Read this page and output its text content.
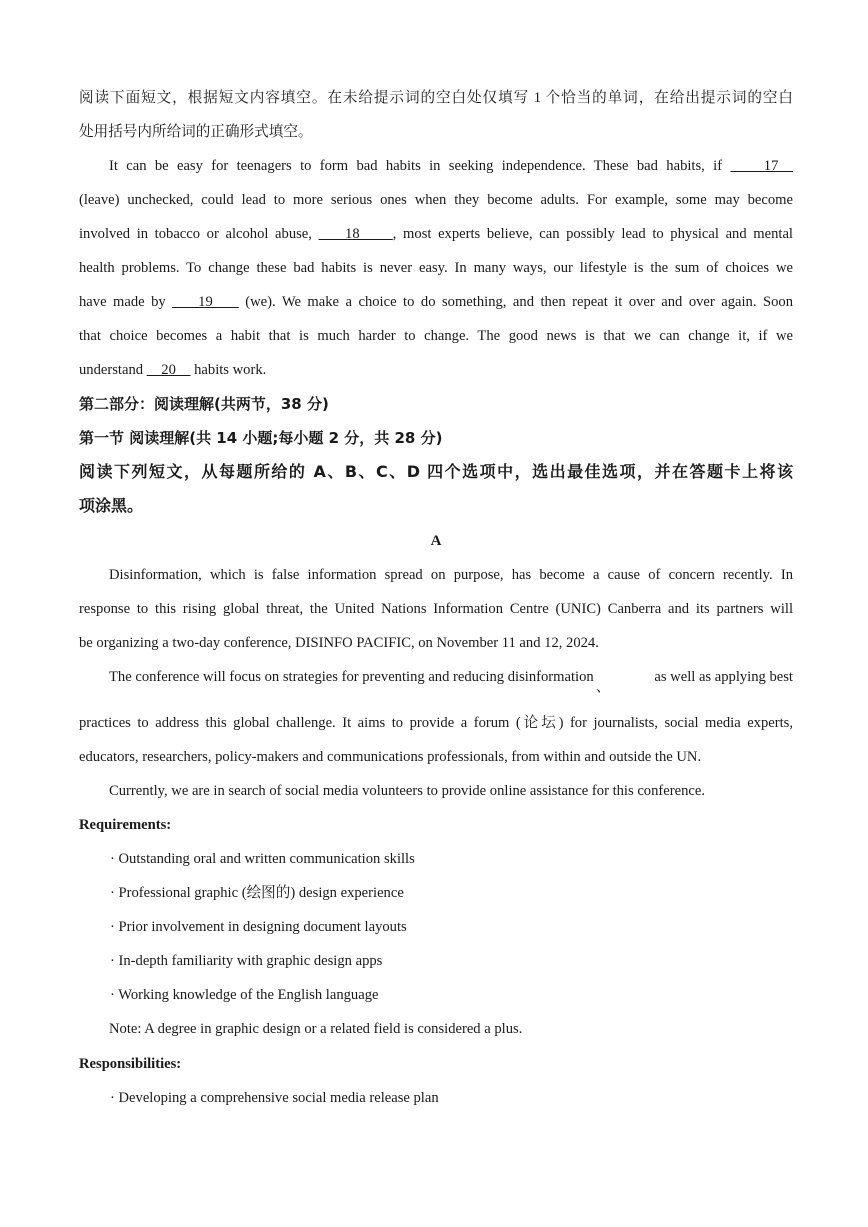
阅读下面短文，根据短文内容填空。在未给提示词的空白处仅填写 1 个恰当的单词，在给出提示词的空白
处用括号内所给词的正确形式填空。
It can be easy for teenagers to form bad habits in seeking independence. These bad habits, if     17
(leave) unchecked, could lead to more serious ones when they become adults. For example, some may become
involved in tobacco or alcohol abuse,     18     , most experts believe, can possibly lead to physical and mental
health problems. To change these bad habits is never easy. In many ways, our lifestyle is the sum of choices we
have made by     19     (we). We make a choice to do something, and then repeat it over and over again. Soon
that choice becomes a habit that is much harder to change. The good news is that we can change it, if we
understand     20     habits work.
第二部分：阅读理解(共两节，38 分)
第一节 阅读理解(共 14 小题;每小题 2 分，共 28 分)
阅读下列短文，从每题所给的 A、B、C、D 四个选项中，选出最佳选项，并在答题卡上将该
项涂黑。
A
Disinformation, which is false information spread on purpose, has become a cause of concern recently. In
response to this rising global threat, the United Nations Information Centre (UNIC) Canberra and its partners will
be organizing a two-day conference, DISINFO PACIFIC, on November 11 and 12, 2024.
The conference will focus on strategies for preventing and reducing disinformation、
as well as applying best
practices to address this global challenge. It aims to provide a forum (论坛) for journalists, social media experts,
educators, researchers, policy-makers and communications professionals, from within and outside the UN.
Currently, we are in search of social media volunteers to provide online assistance for this conference.
Requirements:
· Outstanding oral and written communication skills
· Professional graphic (绘图的) design experience
· Prior involvement in designing document layouts
· In-depth familiarity with graphic design apps
· Working knowledge of the English language
Note: A degree in graphic design or a related field is considered a plus.
Responsibilities:
· Developing a comprehensive social media release plan
